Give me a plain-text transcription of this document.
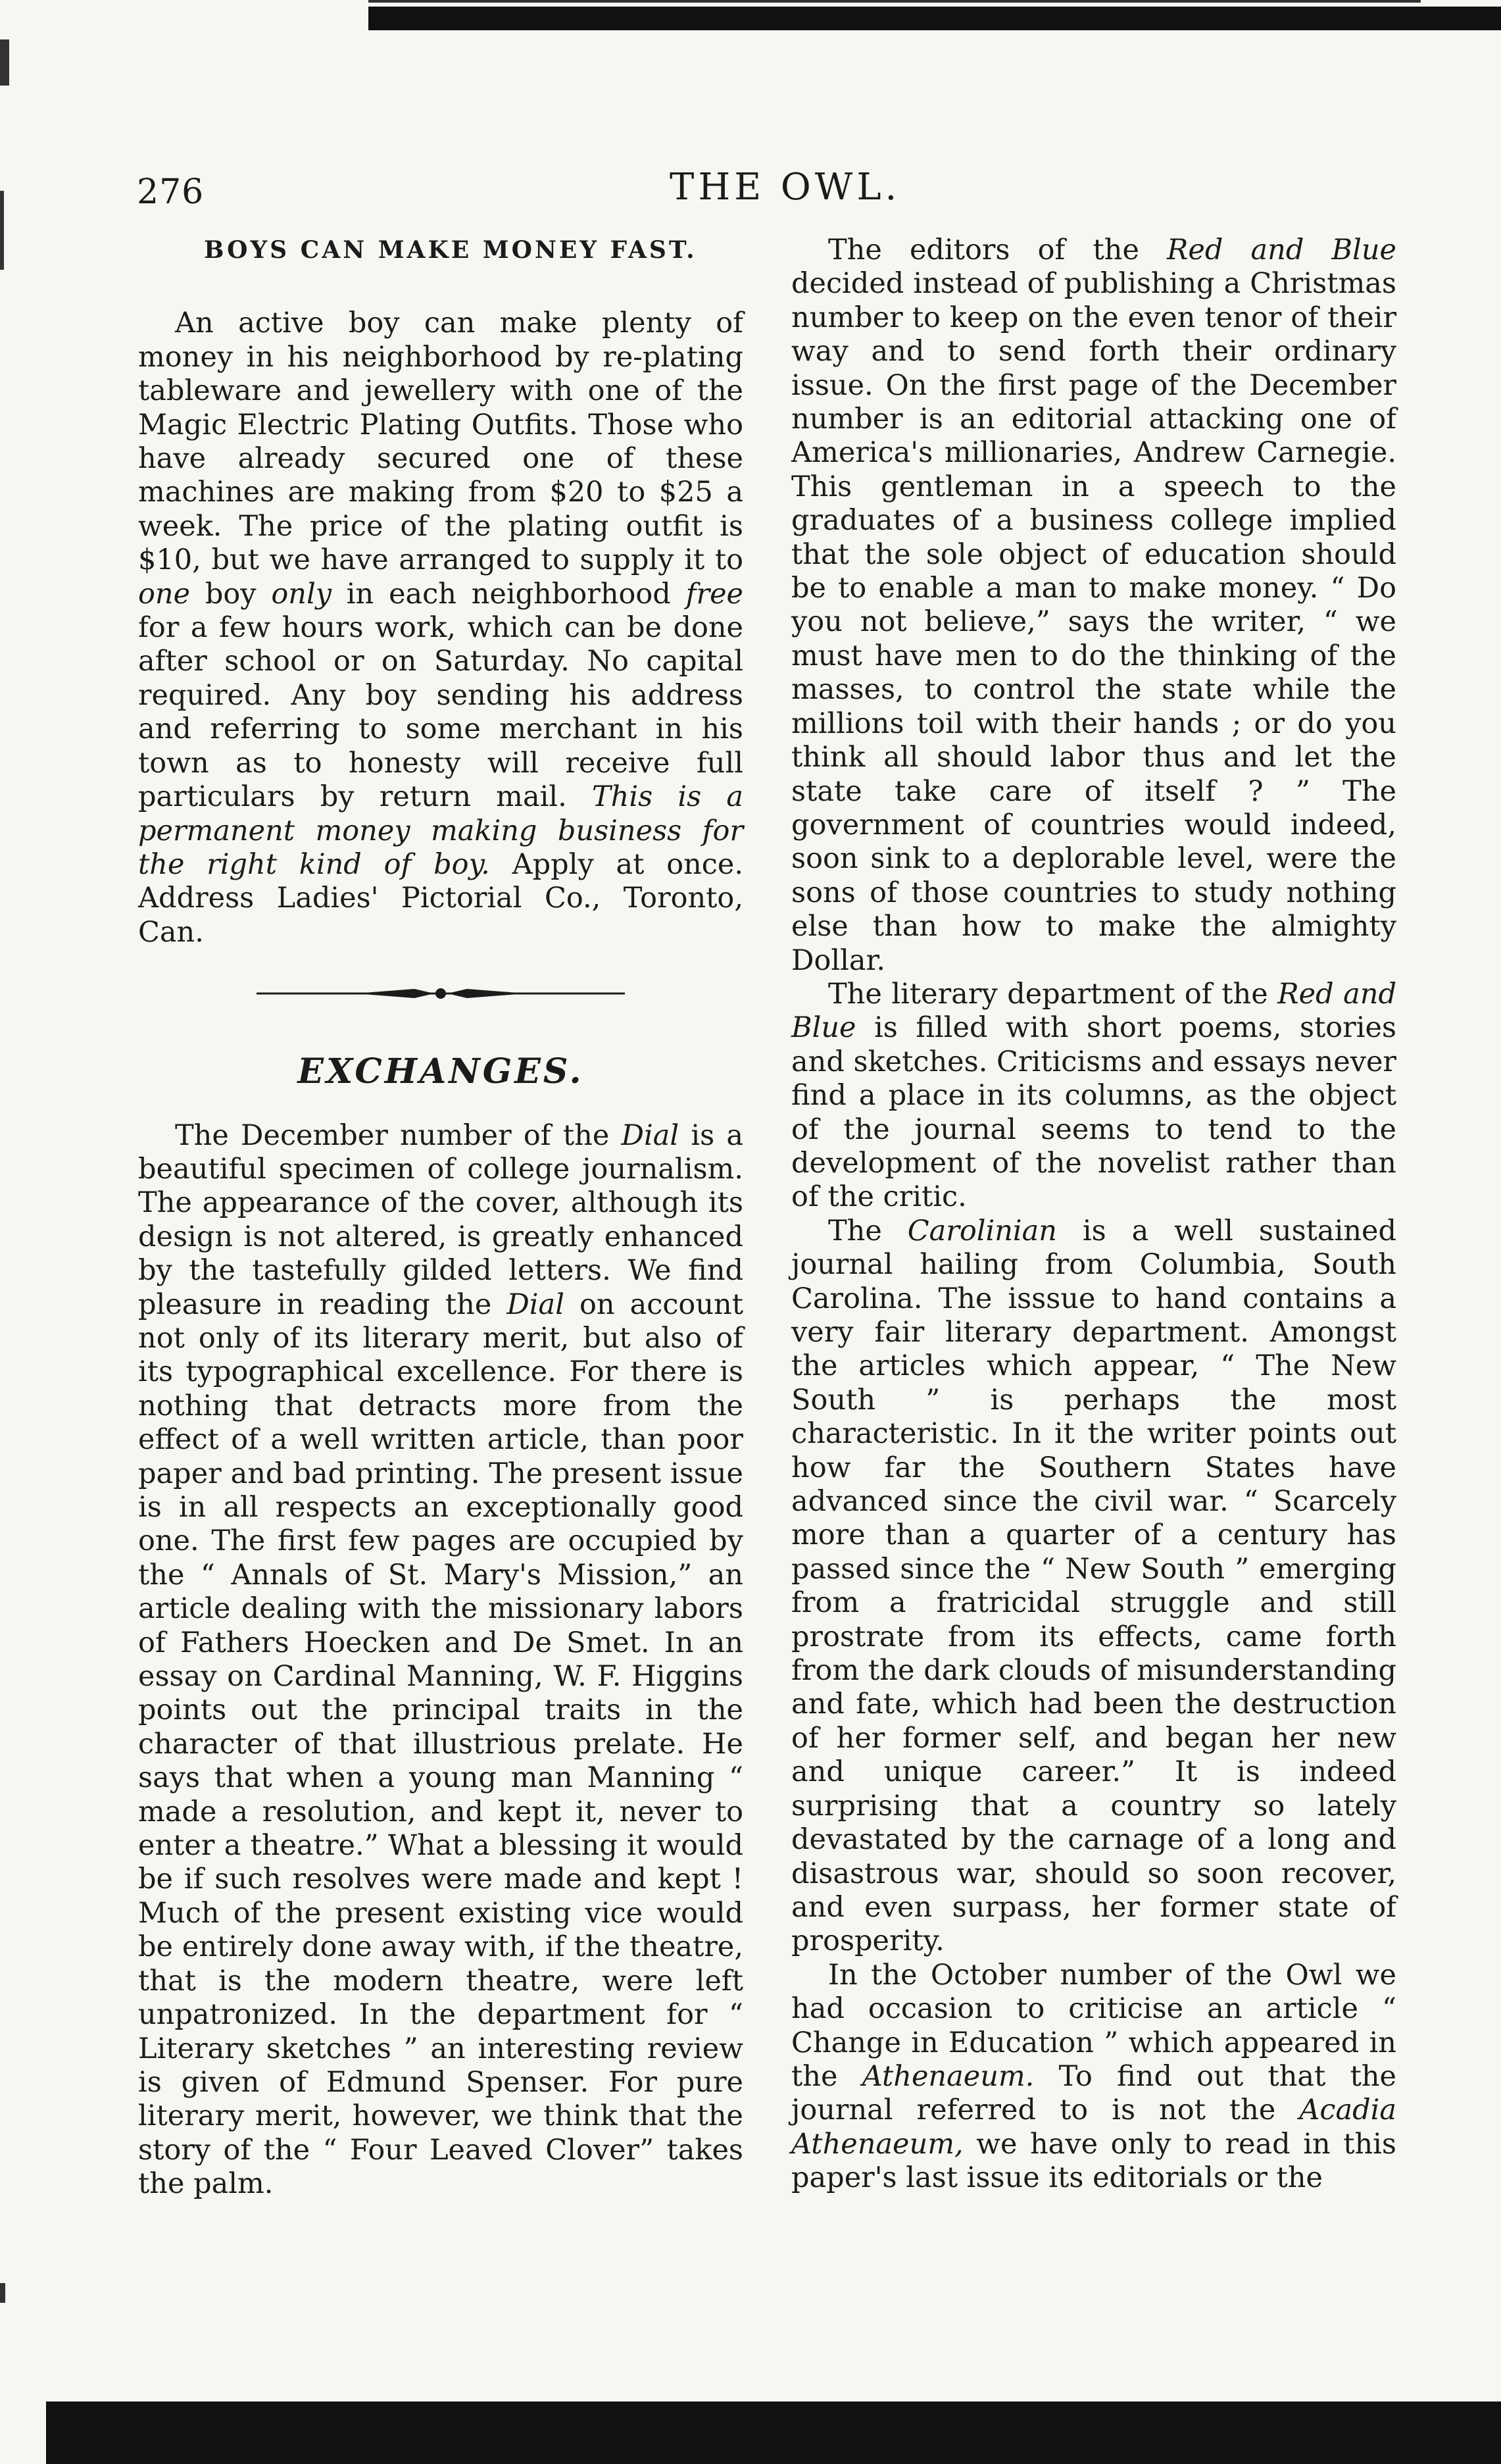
276	THE OWL.
BOYS CAN MAKE MONEY FAST.

An active boy can make plenty of money in his neighborhood by re-plating tableware and jewellery with one of the Magic Electric Plating Outfits. Those who have already secured one of these machines are making from $20 to $25 a week. The price of the plating outfit is $10, but we have arranged to supply it to one boy only in each neighborhood free for a few hours work, which can be done after school or on Saturday. No capital required. Any boy sending his address and referring to some merchant in his town as to honesty will receive full particulars by return mail. This is a permanent money making business for the right kind of boy. Apply at once. Address Ladies' Pictorial Co., Toronto, Can.

EXCHANGES.

The December number of the Dial is a beautiful specimen of college journalism. The appearance of the cover, although its design is not altered, is greatly enhanced by the tastefully gilded letters. We find pleasure in reading the Dial on account not only of its literary merit, but also of its typographical excellence. For there is nothing that detracts more from the effect of a well written article, than poor paper and bad printing. The present issue is in all respects an exceptionally good one. The first few pages are occupied by the “ Annals of St. Mary's Mission,” an article dealing with the missionary labors of Fathers Hoecken and De Smet. In an essay on Cardinal Manning, W. F. Higgins points out the principal traits in the character of that illustrious prelate. He says that when a young man Manning “ made a resolution, and kept it, never to enter a theatre.” What a blessing it would be if such resolves were made and kept ! Much of the present existing vice would be entirely done away with, if the theatre, that is the modern theatre, were left unpatronized. In the department for “ Literary sketches ” an interesting review is given of Edmund Spenser. For pure literary merit, however, we think that the story of the “ Four Leaved Clover” takes the palm.

The editors of the Red and Blue decided instead of publishing a Christmas number to keep on the even tenor of their way and to send forth their ordinary issue. On the first page of the December number is an editorial attacking one of America's millionaries, Andrew Carnegie. This gentleman in a speech to the graduates of a business college implied that the sole object of education should be to enable a man to make money. “ Do you not believe,” says the writer, “ we must have men to do the thinking of the masses, to control the state while the millions toil with their hands ; or do you think all should labor thus and let the state take care of itself ? ” The government of countries would indeed, soon sink to a deplorable level, were the sons of those countries to study nothing else than how to make the almighty Dollar.

The literary department of the Red and Blue is filled with short poems, stories and sketches. Criticisms and essays never find a place in its columns, as the object of the journal seems to tend to the development of the novelist rather than of the critic.

The Carolinian is a well sustained journal hailing from Columbia, South Carolina. The isssue to hand contains a very fair literary department. Amongst the articles which appear, “ The New South ” is perhaps the most characteristic. In it the writer points out how far the Southern States have advanced since the civil war. “ Scarcely more than a quarter of a century has passed since the “ New South ” emerging from a fratricidal struggle and still prostrate from its effects, came forth from the dark clouds of misunderstanding and fate, which had been the destruction of her former self, and began her new and unique career.” It is indeed surprising that a country so lately devastated by the carnage of a long and disastrous war, should so soon recover, and even surpass, her former state of prosperity.

In the October number of the Owl we had occasion to criticise an article “ Change in Education ” which appeared in the Athenaeum. To find out that the journal referred to is not the Acadia Athenaeum, we have only to read in this paper's last issue its editorials or the
